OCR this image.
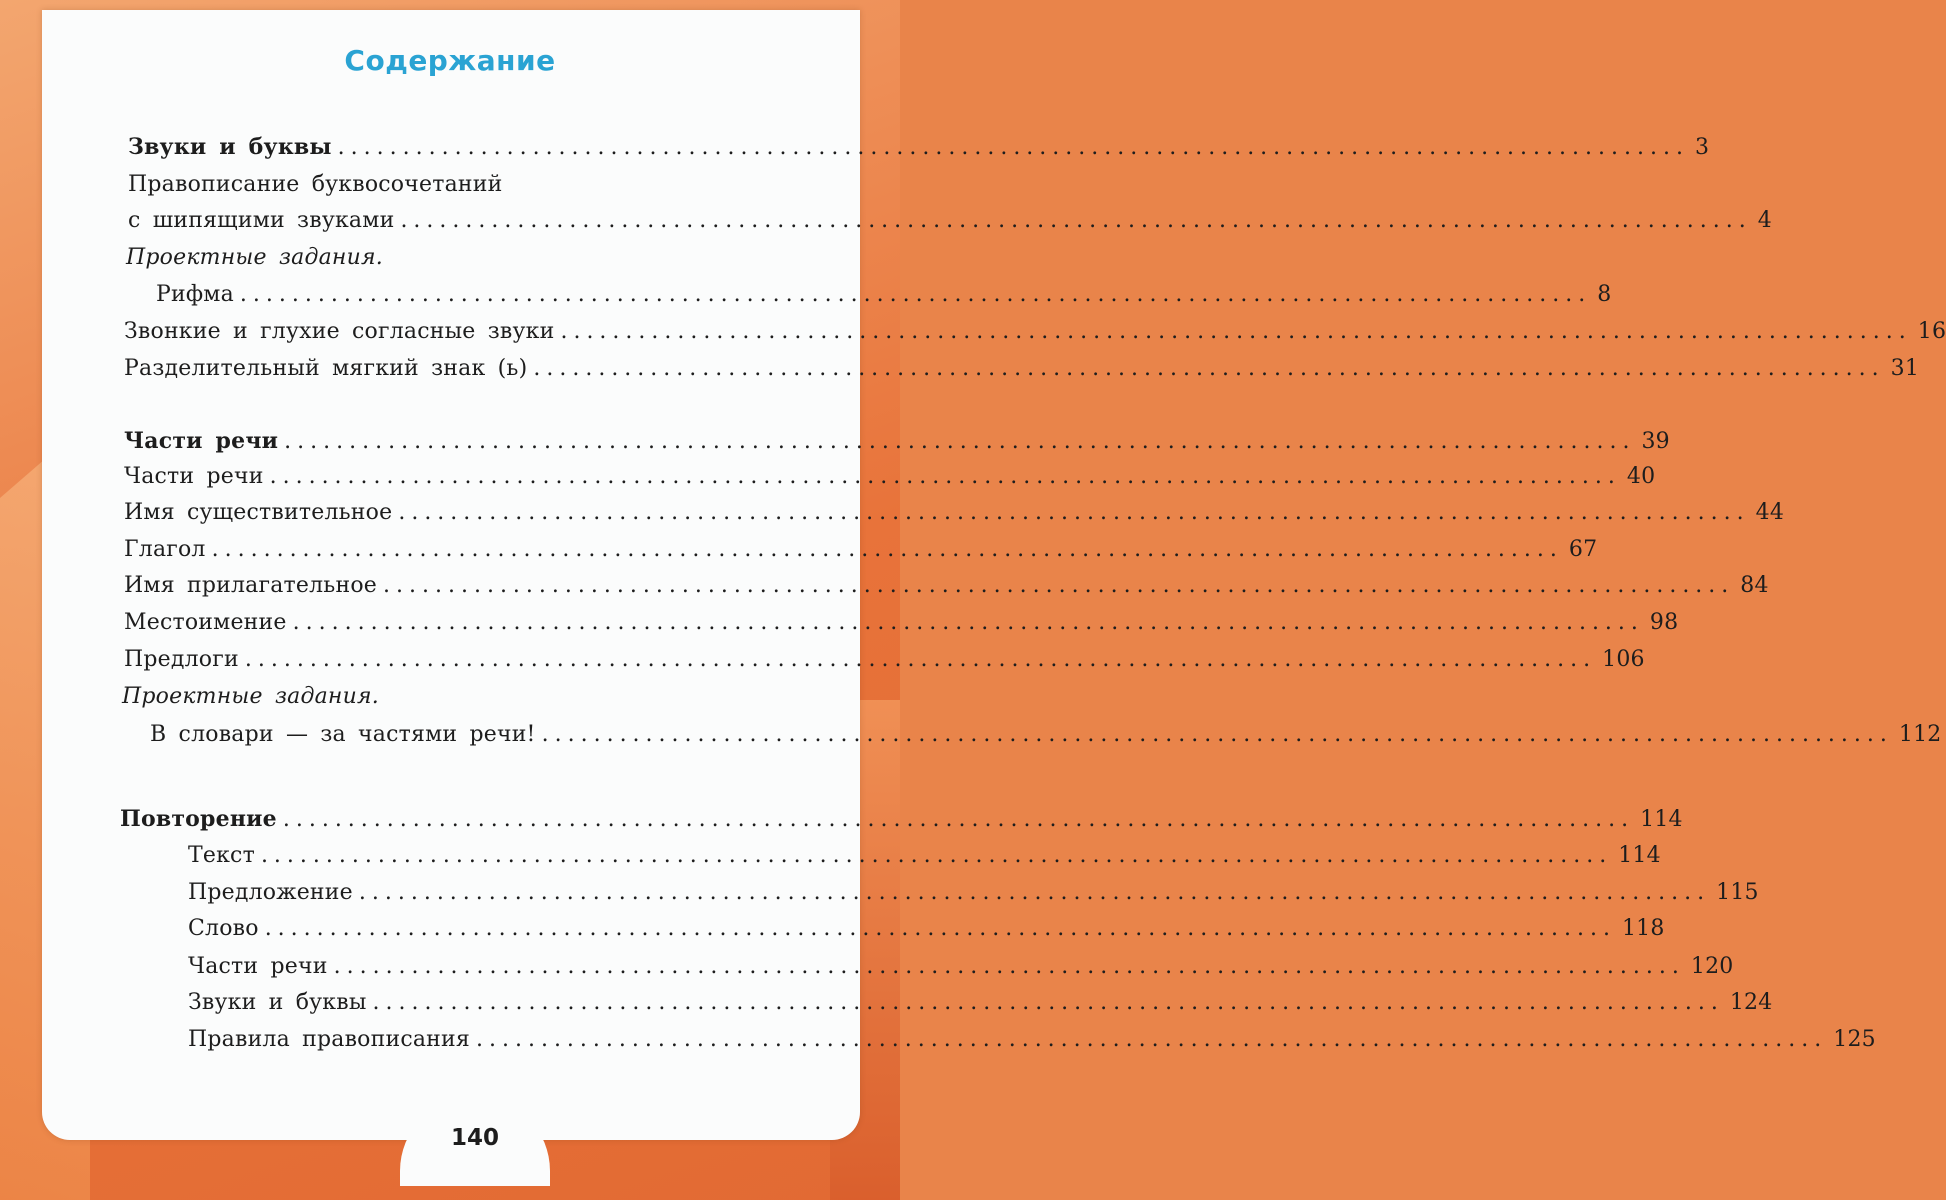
Содержание
Звуки и буквы ........................................................................................................ 3
Правописание буквосочетаний
с шипящими звуками ........................................................................................................ 4
Проектные задания.
Рифма ........................................................................................................ 8
Звонкие и глухие согласные звуки ........................................................................................................ 16
Разделительный мягкий знак (ь) ........................................................................................................ 31
Части речи ........................................................................................................ 39
Части речи ........................................................................................................ 40
Имя существительное ........................................................................................................ 44
Глагол ........................................................................................................ 67
Имя прилагательное ........................................................................................................ 84
Местоимение ........................................................................................................ 98
Предлоги ........................................................................................................ 106
Проектные задания.
В словари — за частями речи! ........................................................................................................ 112
Повторение ........................................................................................................ 114
Текст ........................................................................................................ 114
Предложение ........................................................................................................ 115
Слово ........................................................................................................ 118
Части речи ........................................................................................................ 120
Звуки и буквы ........................................................................................................ 124
Правила правописания ........................................................................................................ 125
140
